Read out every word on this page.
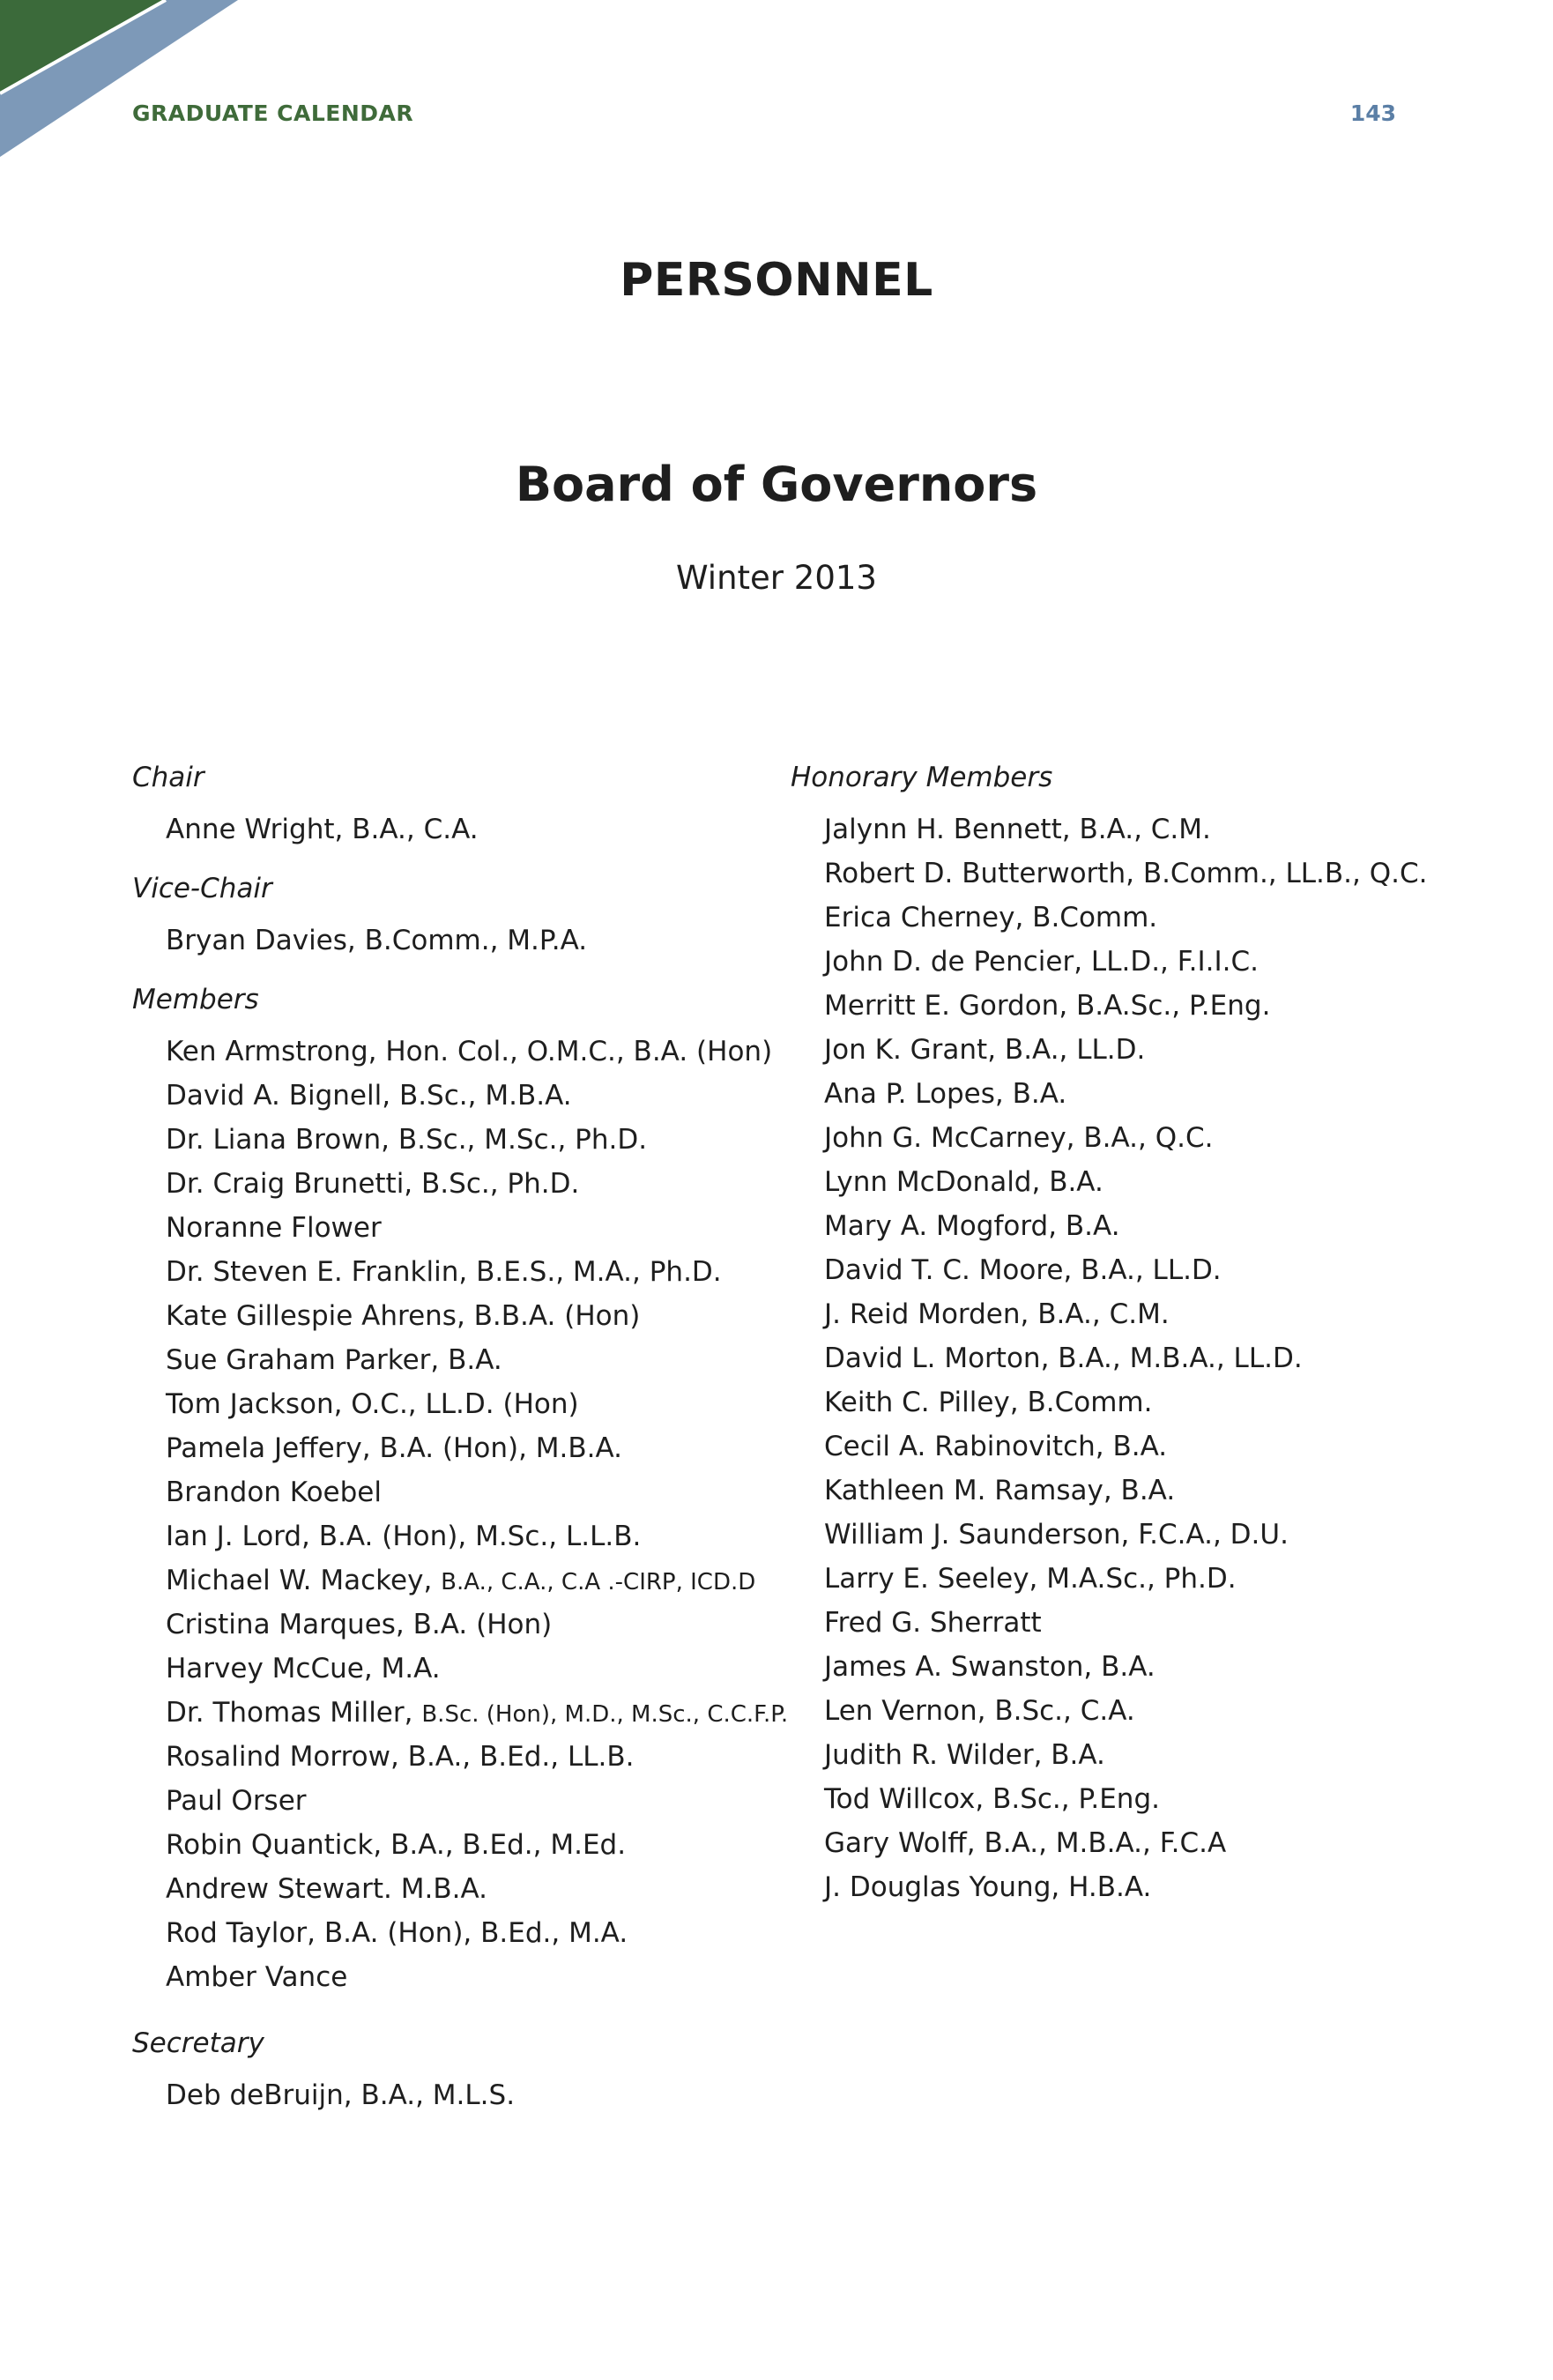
GRADUATE CALENDAR	143
PERSONNEL
Board of Governors
Winter 2013

Chair

Anne Wright, B.A., C.A.

Vice-Chair

Bryan Davies, B.Comm., M.P.A.

Members

Ken Armstrong, Hon. Col., O.M.C., B.A. (Hon)
David A. Bignell, B.Sc., M.B.A.
Dr. Liana Brown, B.Sc., M.Sc., Ph.D.
Dr. Craig Brunetti, B.Sc., Ph.D.
Noranne Flower
Dr. Steven E. Franklin, B.E.S., M.A., Ph.D.
Kate Gillespie Ahrens, B.B.A. (Hon)
Sue Graham Parker, B.A.
Tom Jackson, O.C., LL.D. (Hon)
Pamela Jeffery, B.A. (Hon), M.B.A.
Brandon Koebel
Ian J. Lord, B.A. (Hon), M.Sc., L.L.B.
Michael W. Mackey, B.A., C.A., C.A .-CIRP, ICD.D
Cristina Marques, B.A. (Hon)
Harvey McCue, M.A.
Dr. Thomas Miller, B.Sc. (Hon), M.D., M.Sc., C.C.F.P.
Rosalind Morrow, B.A., B.Ed., LL.B.
Paul Orser
Robin Quantick, B.A., B.Ed., M.Ed.
Andrew Stewart. M.B.A.
Rod Taylor, B.A. (Hon), B.Ed., M.A.
Amber Vance

Secretary

Deb deBruijn, B.A., M.L.S.

Honorary Members

Jalynn H. Bennett, B.A., C.M.
Robert D. Butterworth, B.Comm., LL.B., Q.C.
Erica Cherney, B.Comm.
John D. de Pencier, LL.D., F.I.I.C.
Merritt E. Gordon, B.A.Sc., P.Eng.
Jon K. Grant, B.A., LL.D.
Ana P. Lopes, B.A.
John G. McCarney, B.A., Q.C.
Lynn McDonald, B.A.
Mary A. Mogford, B.A.
David T. C. Moore, B.A., LL.D.
J. Reid Morden, B.A., C.M.
David L. Morton, B.A., M.B.A., LL.D.
Keith C. Pilley, B.Comm.
Cecil A. Rabinovitch, B.A.
Kathleen M. Ramsay, B.A.
William J. Saunderson, F.C.A., D.U.
Larry E. Seeley, M.A.Sc., Ph.D.
Fred G. Sherratt
James A. Swanston, B.A.
Len Vernon, B.Sc., C.A.
Judith R. Wilder, B.A.
Tod Willcox, B.Sc., P.Eng.
Gary Wolff, B.A., M.B.A., F.C.A
J. Douglas Young, H.B.A.
